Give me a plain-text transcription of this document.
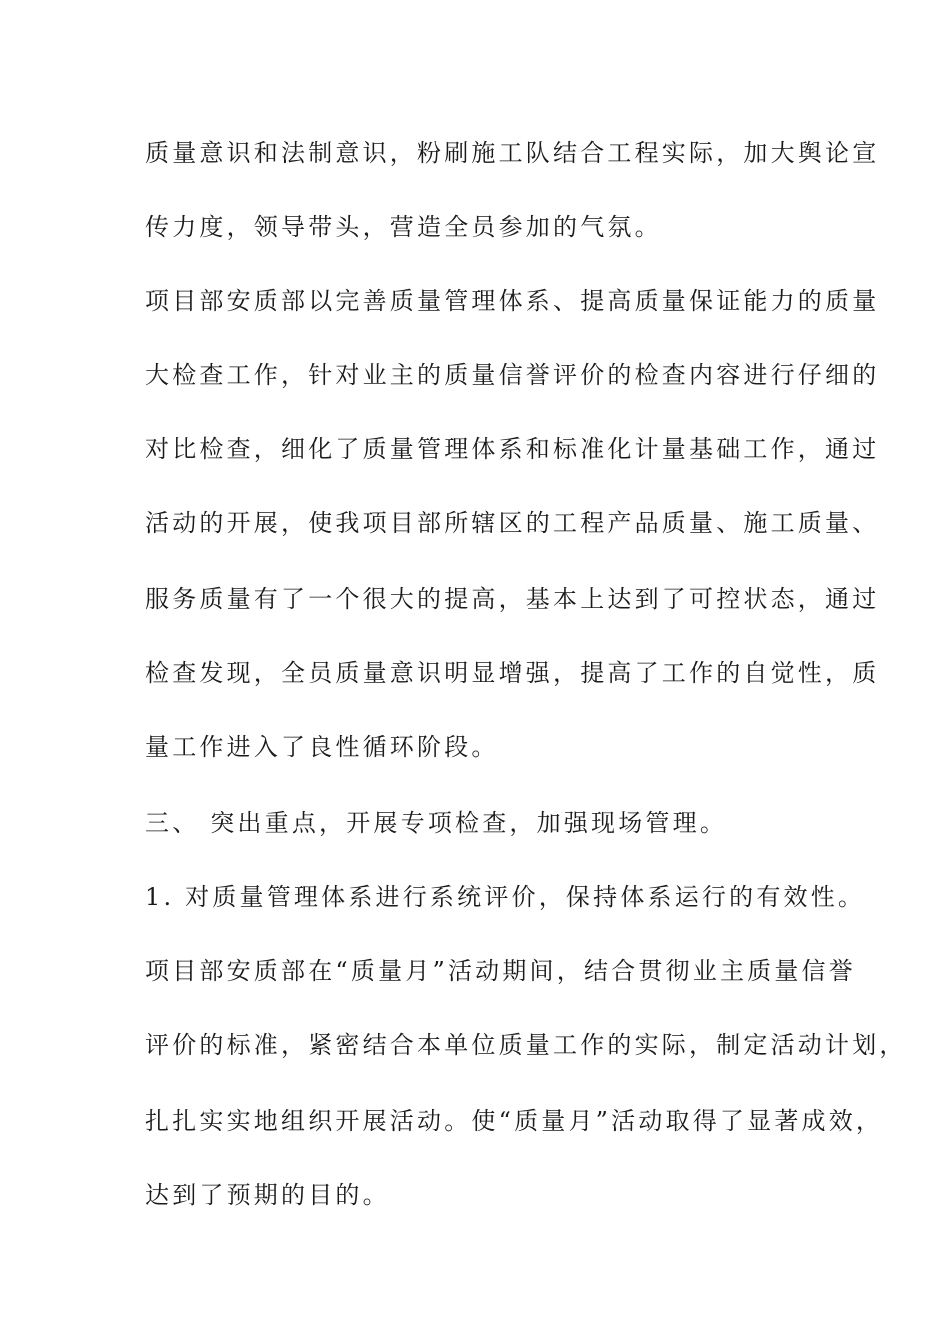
质量意识和法制意识，粉刷施工队结合工程实际，加大舆论宣
传力度，领导带头，营造全员参加的气氛。
项目部安质部以完善质量管理体系、提高质量保证能力的质量
大检查工作，针对业主的质量信誉评价的检查内容进行仔细的
对比检查，细化了质量管理体系和标准化计量基础工作，通过
活动的开展，使我项目部所辖区的工程产品质量、施工质量、
服务质量有了一个很大的提高，基本上达到了可控状态，通过
检查发现，全员质量意识明显增强，提高了工作的自觉性，质
量工作进入了良性循环阶段。
三、 突出重点，开展专项检查，加强现场管理。
1. 对质量管理体系进行系统评价，保持体系运行的有效性。
项目部安质部在“质量月”活动期间，结合贯彻业主质量信誉
评价的标准，紧密结合本单位质量工作的实际，制定活动计划，
扎扎实实地组织开展活动。使“质量月”活动取得了显著成效，
达到了预期的目的。
